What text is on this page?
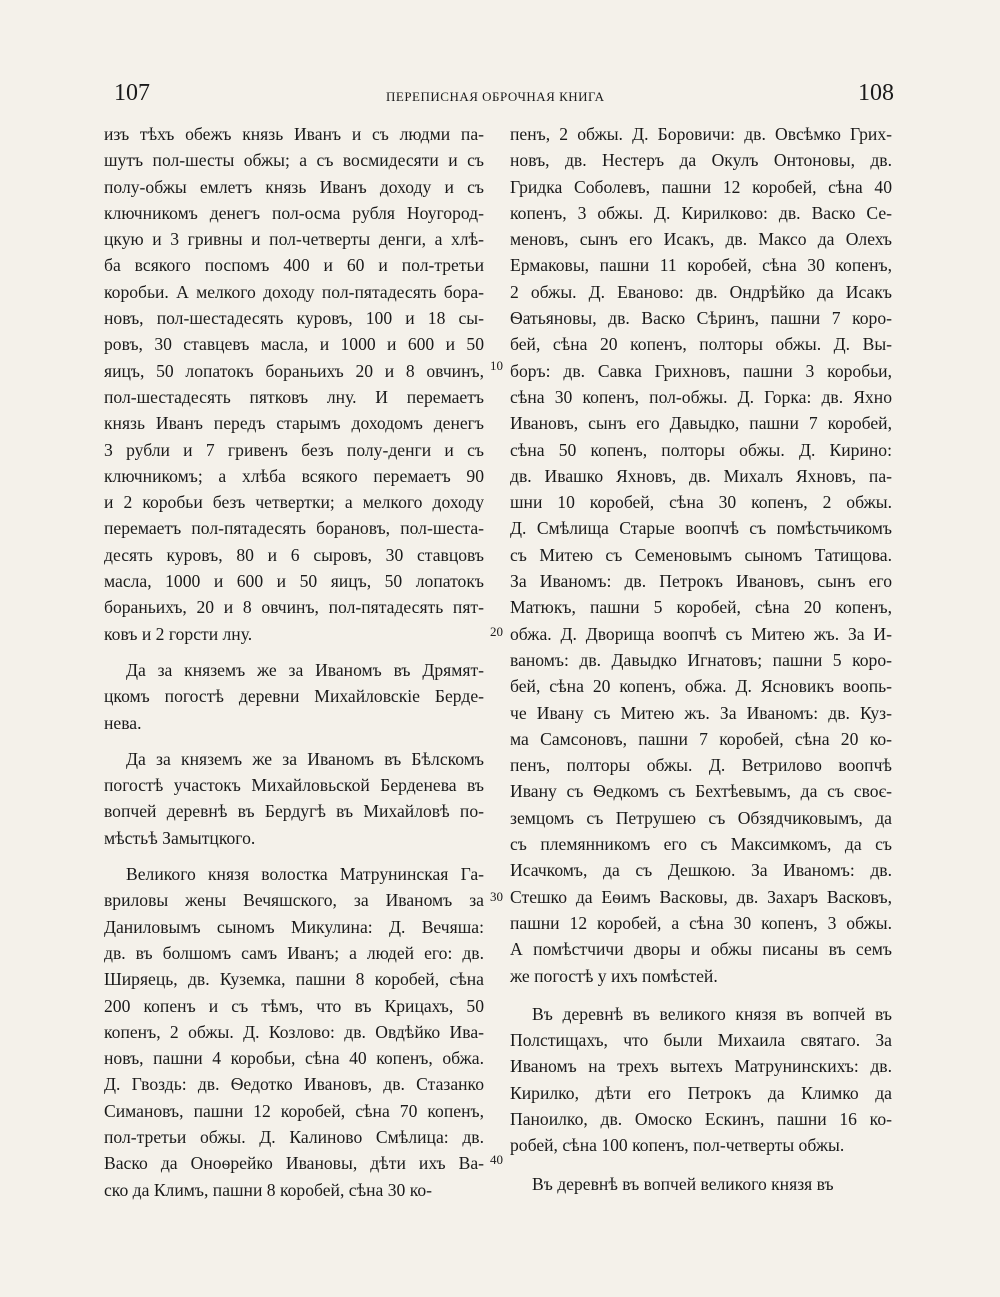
107	ПЕРЕПИСНАЯ ОБРОЧНАЯ КНИГА	108
10
20
30
40

изъ тѣхъ обежъ князь Иванъ и съ людми па-
шутъ пол-шесты обжы; а съ восмидесяти и съ
полу-обжы емлетъ князь Иванъ доходу и съ
ключникомъ денегъ пол-осма рубля Ноугород-
цкую и 3 гривны и пол-четверты денги, а хлѣ-
ба всякого поспомъ 400 и 60 и пол-третьи
коробьи. А мелкого доходу пол-пятадесять бора-
новъ, пол-шестадесять куровъ, 100 и 18 сы-
ровъ, 30 ставцевъ масла, и 1000 и 600 и 50
яицъ, 50 лопатокъ бораньихъ 20 и 8 овчинъ,
пол-шестадесять пятковъ лну. И перемаетъ
князь Иванъ передъ старымъ доходомъ денегъ
3 рубли и 7 гривенъ безъ полу-денги и съ
ключникомъ; а хлѣба всякого перемаетъ 90
и 2 коробьи безъ четвертки; а мелкого доходу
перемаетъ пол-пятадесять борановъ, пол-шеста-
десять куровъ, 80 и 6 сыровъ, 30 ставцовъ
масла, 1000 и 600 и 50 яицъ, 50 лопатокъ
бораньихъ, 20 и 8 овчинъ, пол-пятадесять пят-
ковъ и 2 горсти лну.

Да за княземъ же за Иваномъ въ Дрямят-
цкомъ погостѣ деревни Михайловскіе Берде-
нева.

Да за княземъ же за Иваномъ въ Бѣлскомъ
погостѣ участокъ Михайловьской Берденева въ
вопчей деревнѣ въ Бердугѣ въ Михайловѣ по-
мѣстьѣ Замытцкого.

Великого князя волостка Матрунинская Га-
вриловы жены Вечяшского, за Иваномъ за
Даниловымъ сыномъ Микулина: Д. Вечяша:
дв. въ болшомъ самъ Иванъ; а людей его: дв.
Ширяець, дв. Куземка, пашни 8 коробей, сѣна
200 копенъ и съ тѣмъ, что въ Крицахъ, 50
копенъ, 2 обжы. Д. Козлово: дв. Овдѣйко Ива-
новъ, пашни 4 коробьи, сѣна 40 копенъ, обжа.
Д. Гвоздь: дв. Ѳедотко Ивановъ, дв. Стазанко
Симановъ, пашни 12 коробей, сѣна 70 копенъ,
пол-третьи обжы. Д. Калиново Смѣлица: дв.
Васко да Оноѳрейко Ивановы, дѣти ихъ Ва-
ско да Климъ, пашни 8 коробей, сѣна 30 ко-

пенъ, 2 обжы. Д. Боровичи: дв. Овсѣмко Грих-
новъ, дв. Нестеръ да Окулъ Онтоновы, дв.
Гридка Соболевъ, пашни 12 коробей, сѣна 40
копенъ, 3 обжы. Д. Кирилково: дв. Васко Се-
меновъ, сынъ его Исакъ, дв. Максо да Олехъ
Ермаковы, пашни 11 коробей, сѣна 30 копенъ,
2 обжы. Д. Еваново: дв. Ондрѣйко да Исакъ
Ѳатьяновы, дв. Васко Сѣринъ, пашни 7 коро-
бей, сѣна 20 копенъ, полторы обжы. Д. Вы-
боръ: дв. Савка Грихновъ, пашни 3 коробьи,
сѣна 30 копенъ, пол-обжы. Д. Горка: дв. Яхно
Ивановъ, сынъ его Давыдко, пашни 7 коробей,
сѣна 50 копенъ, полторы обжы. Д. Кирино:
дв. Ивашко Яхновъ, дв. Михалъ Яхновъ, па-
шни 10 коробей, сѣна 30 копенъ, 2 обжы.
Д. Смѣлища Старые воопчѣ съ помѣстьчикомъ
съ Митею съ Семеновымъ сыномъ Татищова.
За Иваномъ: дв. Петрокъ Ивановъ, сынъ его
Матюкъ, пашни 5 коробей, сѣна 20 копенъ,
обжа. Д. Дворища воопчѣ съ Митею жъ. За И-
ваномъ: дв. Давыдко Игнатовъ; пашни 5 коро-
бей, сѣна 20 копенъ, обжа. Д. Ясновикъ воопь-
че Ивану съ Митею жъ. За Иваномъ: дв. Куз-
ма Самсоновъ, пашни 7 коробей, сѣна 20 ко-
пенъ, полторы обжы. Д. Ветрилово воопчѣ
Ивану съ Ѳедкомъ съ Бехтѣевымъ, да съ своє-
земцомъ съ Петрушею съ Обзядчиковымъ, да
съ племянникомъ его съ Максимкомъ, да съ
Исачкомъ, да съ Дешкою. За Иваномъ: дв.
Стешко да Еѳимъ Васковы, дв. Захаръ Васковъ,
пашни 12 коробей, а сѣна 30 копенъ, 3 обжы.
А помѣстчичи дворы и обжы писаны въ семъ
же погостѣ у ихъ помѣстей.

Въ деревнѣ въ великого князя въ вопчей въ
Полстищахъ, что были Михаила святаго. За
Иваномъ на трехъ вытехъ Матрунинскихъ: дв.
Кирилко, дѣти его Петрокъ да Климко да
Паноилко, дв. Омоско Ескинъ, пашни 16 ко-
робей, сѣна 100 копенъ, пол-четверты обжы.

Въ деревнѣ въ вопчей великого князя въ
